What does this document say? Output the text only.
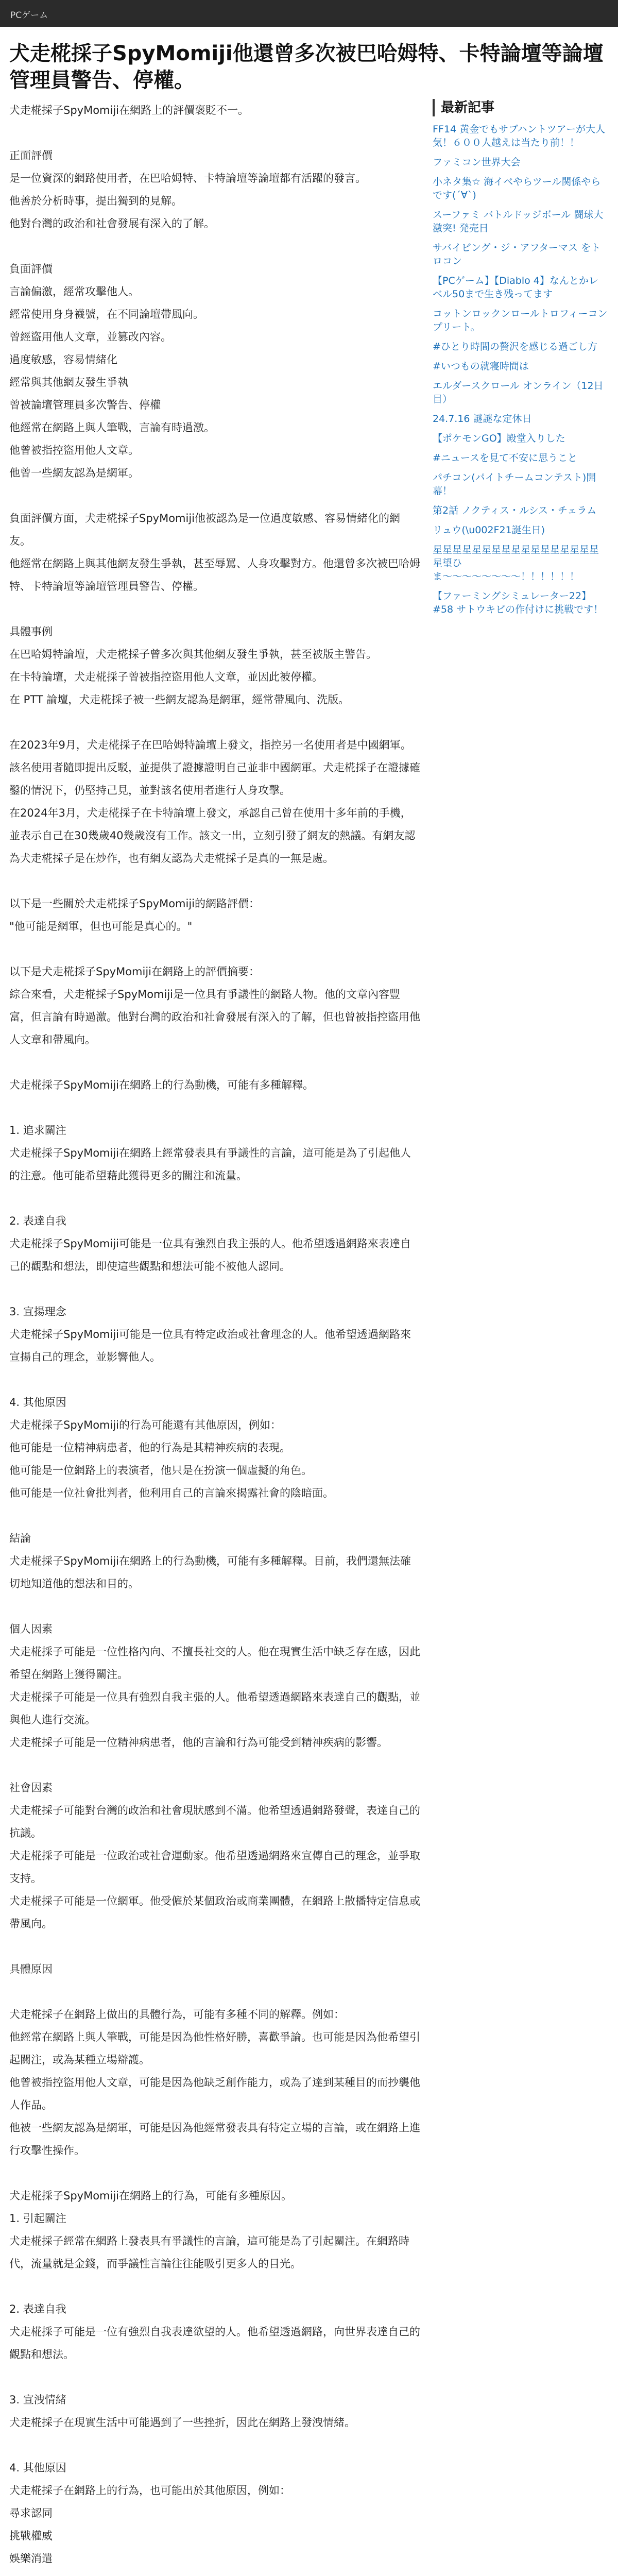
PCゲーム
犬走椛採子SpyMomiji他還曾多次被巴哈姆特、卡特論壇等論壇管理員警告、停權。

犬走椛採子SpyMomiji在網路上的評價褒貶不一。

正面評價

是一位資深的網路使用者，在巴哈姆特、卡特論壇等論壇都有活躍的發言。

他善於分析時事，提出獨到的見解。

他對台灣的政治和社會發展有深入的了解。

負面評價

言論偏激，經常攻擊他人。

經常使用身身襪號，在不同論壇帶風向。

曾經盜用他人文章，並篡改內容。

過度敏感，容易情緒化

經常與其他網友發生爭執

曾被論壇管理員多次警告、停權

他經常在網路上與人筆戰，言論有時過激。

他曾被指控盜用他人文章。

他曾一些網友認為是網軍。

負面評價方面，犬走椛採子SpyMomiji他被認為是一位過度敏感、容易情緒化的網友。

他經常在網路上與其他網友發生爭執，甚至辱罵、人身攻擊對方。他還曾多次被巴哈姆特、卡特論壇等論壇管理員警告、停權。

具體事例

在巴哈姆特論壇，犬走椛採子曾多次與其他網友發生爭執，甚至被版主警告。

在卡特論壇，犬走椛採子曾被指控盜用他人文章，並因此被停權。

在 PTT 論壇，犬走椛採子被一些網友認為是網軍，經常帶風向、洗版。

在2023年9月，犬走椛採子在巴哈姆特論壇上發文，指控另一名使用者是中國網軍。該名使用者隨即提出反駁，並提供了證據證明自己並非中國網軍。犬走椛採子在證據確鑿的情況下，仍堅持己見，並對該名使用者進行人身攻擊。

在2024年3月，犬走椛採子在卡特論壇上發文，承認自己曾在使用十多年前的手機，並表示自己在30幾歲40幾歲沒有工作。該文一出，立刻引發了網友的熱議。有網友認為犬走椛採子是在炒作，也有網友認為犬走椛採子是真的一無是處。

以下是一些關於犬走椛採子SpyMomiji的網路評價：

"他可能是網軍，但也可能是真心的。"

以下是犬走椛採子SpyMomiji在網路上的評價摘要：

綜合來看，犬走椛採子SpyMomiji是一位具有爭議性的網路人物。他的文章內容豐富，但言論有時過激。他對台灣的政治和社會發展有深入的了解，但也曾被指控盜用他人文章和帶風向。

犬走椛採子SpyMomiji在網路上的行為動機，可能有多種解釋。

1. 追求關注

犬走椛採子SpyMomiji在網路上經常發表具有爭議性的言論，這可能是為了引起他人的注意。他可能希望藉此獲得更多的關注和流量。

2. 表達自我

犬走椛採子SpyMomiji可能是一位具有強烈自我主張的人。他希望透過網路來表達自己的觀點和想法，即使這些觀點和想法可能不被他人認同。

3. 宣揚理念

犬走椛採子SpyMomiji可能是一位具有特定政治或社會理念的人。他希望透過網路來宣揚自己的理念，並影響他人。

4. 其他原因

犬走椛採子SpyMomiji的行為可能還有其他原因，例如：

他可能是一位精神病患者，他的行為是其精神疾病的表現。

他可能是一位網路上的表演者，他只是在扮演一個虛擬的角色。

他可能是一位社會批判者，他利用自己的言論來揭露社會的陰暗面。

結論

犬走椛採子SpyMomiji在網路上的行為動機，可能有多種解釋。目前，我們還無法確切地知道他的想法和目的。

個人因素

犬走椛採子可能是一位性格內向、不擅長社交的人。他在現實生活中缺乏存在感，因此希望在網路上獲得關注。

犬走椛採子可能是一位具有強烈自我主張的人。他希望透過網路來表達自己的觀點，並與他人進行交流。

犬走椛採子可能是一位精神病患者，他的言論和行為可能受到精神疾病的影響。

社會因素

犬走椛採子可能對台灣的政治和社會現狀感到不滿。他希望透過網路發聲，表達自己的抗議。

犬走椛採子可能是一位政治或社會運動家。他希望透過網路來宣傳自己的理念，並爭取支持。

犬走椛採子可能是一位網軍。他受僱於某個政治或商業團體，在網路上散播特定信息或帶風向。

具體原因

犬走椛採子在網路上做出的具體行為，可能有多種不同的解釋。例如：

他經常在網路上與人筆戰，可能是因為他性格好勝，喜歡爭論。也可能是因為他希望引起關注，或為某種立場辯護。

他曾被指控盜用他人文章，可能是因為他缺乏創作能力，或為了達到某種目的而抄襲他人作品。

他被一些網友認為是網軍，可能是因為他經常發表具有特定立場的言論，或在網路上進行攻擊性操作。

犬走椛採子SpyMomiji在網路上的行為，可能有多種原因。

1. 引起關注

犬走椛採子經常在網路上發表具有爭議性的言論，這可能是為了引起關注。在網路時代，流量就是金錢，而爭議性言論往往能吸引更多人的目光。

2. 表達自我

犬走椛採子可能是一位有強烈自我表達欲望的人。他希望透過網路，向世界表達自己的觀點和想法。

3. 宣洩情緒

犬走椛採子在現實生活中可能遇到了一些挫折，因此在網路上發洩情緒。

4. 其他原因

犬走椛採子在網路上的行為，也可能出於其他原因，例如：

尋求認同

挑戰權威

娛樂消遣

最新記事
FF14 黄金でもサブハントツアーが大人気！６００人越えは当たり前！！
ファミコン世界大会
小ネタ集☆ 海イベやらツール関係やらです(´∀`)
スーファミ バトルドッジボール 闘球大激突! 発売日
サバイビング・ジ・アフターマス をトロコン
【PCゲーム】【Diablo 4】なんとかレベル50まで生き残ってます
コットンロックンロールトロフィーコンプリート。
#ひとり時間の贅沢を感じる過ごし方
#いつもの就寝時間は
エルダースクロール オンライン（12日目）
24.7.16 謎謎な定休日
【ポケモンGO】殿堂入りした
#ニュースを見て不安に思うこと
パチコン(パイトチームコンテスト)開幕！
第2話 ノクティス・ルシス・チェラム
リュウ(\u002F21誕生日)
星星星星星星星星星星星星星星星星星星望ひま〜〜〜〜〜〜〜〜！！！！！！
【ファーミングシミュレーター22】#58 サトウキビの作付けに挑戦です！
